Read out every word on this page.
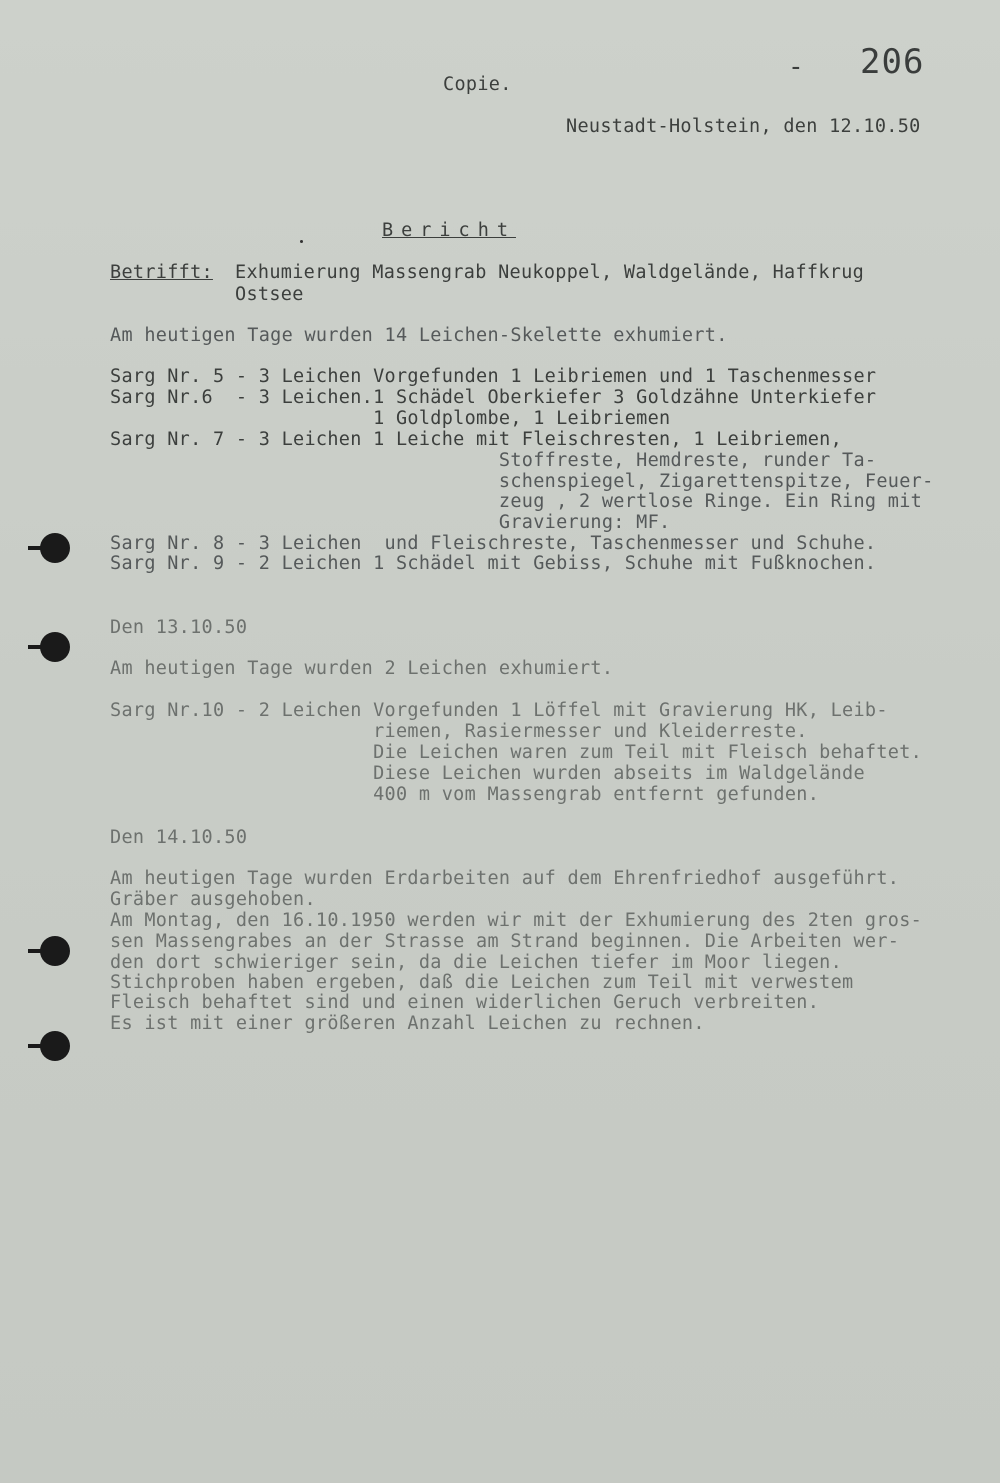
Copie.
- 206
Neustadt-Holstein, den 12.10.50
Bericht
Betrifft: Exhumierung Massengrab Neukoppel, Waldgelände, Haffkrug
Ostsee
Am heutigen Tage wurden 14 Leichen-Skelette exhumiert.
Sarg Nr. 5 - 3 Leichen Vorgefunden 1 Leibriemen und 1 Taschenmesser
Sarg Nr.6  - 3 Leichen.1 Schädel Oberkiefer 3 Goldzähne Unterkiefer
1 Goldplombe, 1 Leibriemen
Sarg Nr. 7 - 3 Leichen 1 Leiche mit Fleischresten, 1 Leibriemen,
Stoffreste, Hemdreste, runder Ta-
schenspiegel, Zigarettenspitze, Feuer-
zeug , 2 wertlose Ringe. Ein Ring mit
Gravierung: MF.
Sarg Nr. 8 - 3 Leichen  und Fleischreste, Taschenmesser und Schuhe.
Sarg Nr. 9 - 2 Leichen 1 Schädel mit Gebiss, Schuhe mit Fußknochen.
Den 13.10.50
Am heutigen Tage wurden 2 Leichen exhumiert.
Sarg Nr.10 - 2 Leichen Vorgefunden 1 Löffel mit Gravierung HK, Leib-
riemen, Rasiermesser und Kleiderreste.
Die Leichen waren zum Teil mit Fleisch behaftet.
Diese Leichen wurden abseits im Waldgelände
400 m vom Massengrab entfernt gefunden.
Den 14.10.50
Am heutigen Tage wurden Erdarbeiten auf dem Ehrenfriedhof ausgeführt.
Gräber ausgehoben.
Am Montag, den 16.10.1950 werden wir mit der Exhumierung des 2ten gros-
sen Massengrabes an der Strasse am Strand beginnen. Die Arbeiten wer-
den dort schwieriger sein, da die Leichen tiefer im Moor liegen.
Stichproben haben ergeben, daß die Leichen zum Teil mit verwestem
Fleisch behaftet sind und einen widerlichen Geruch verbreiten.
Es ist mit einer größeren Anzahl Leichen zu rechnen.
